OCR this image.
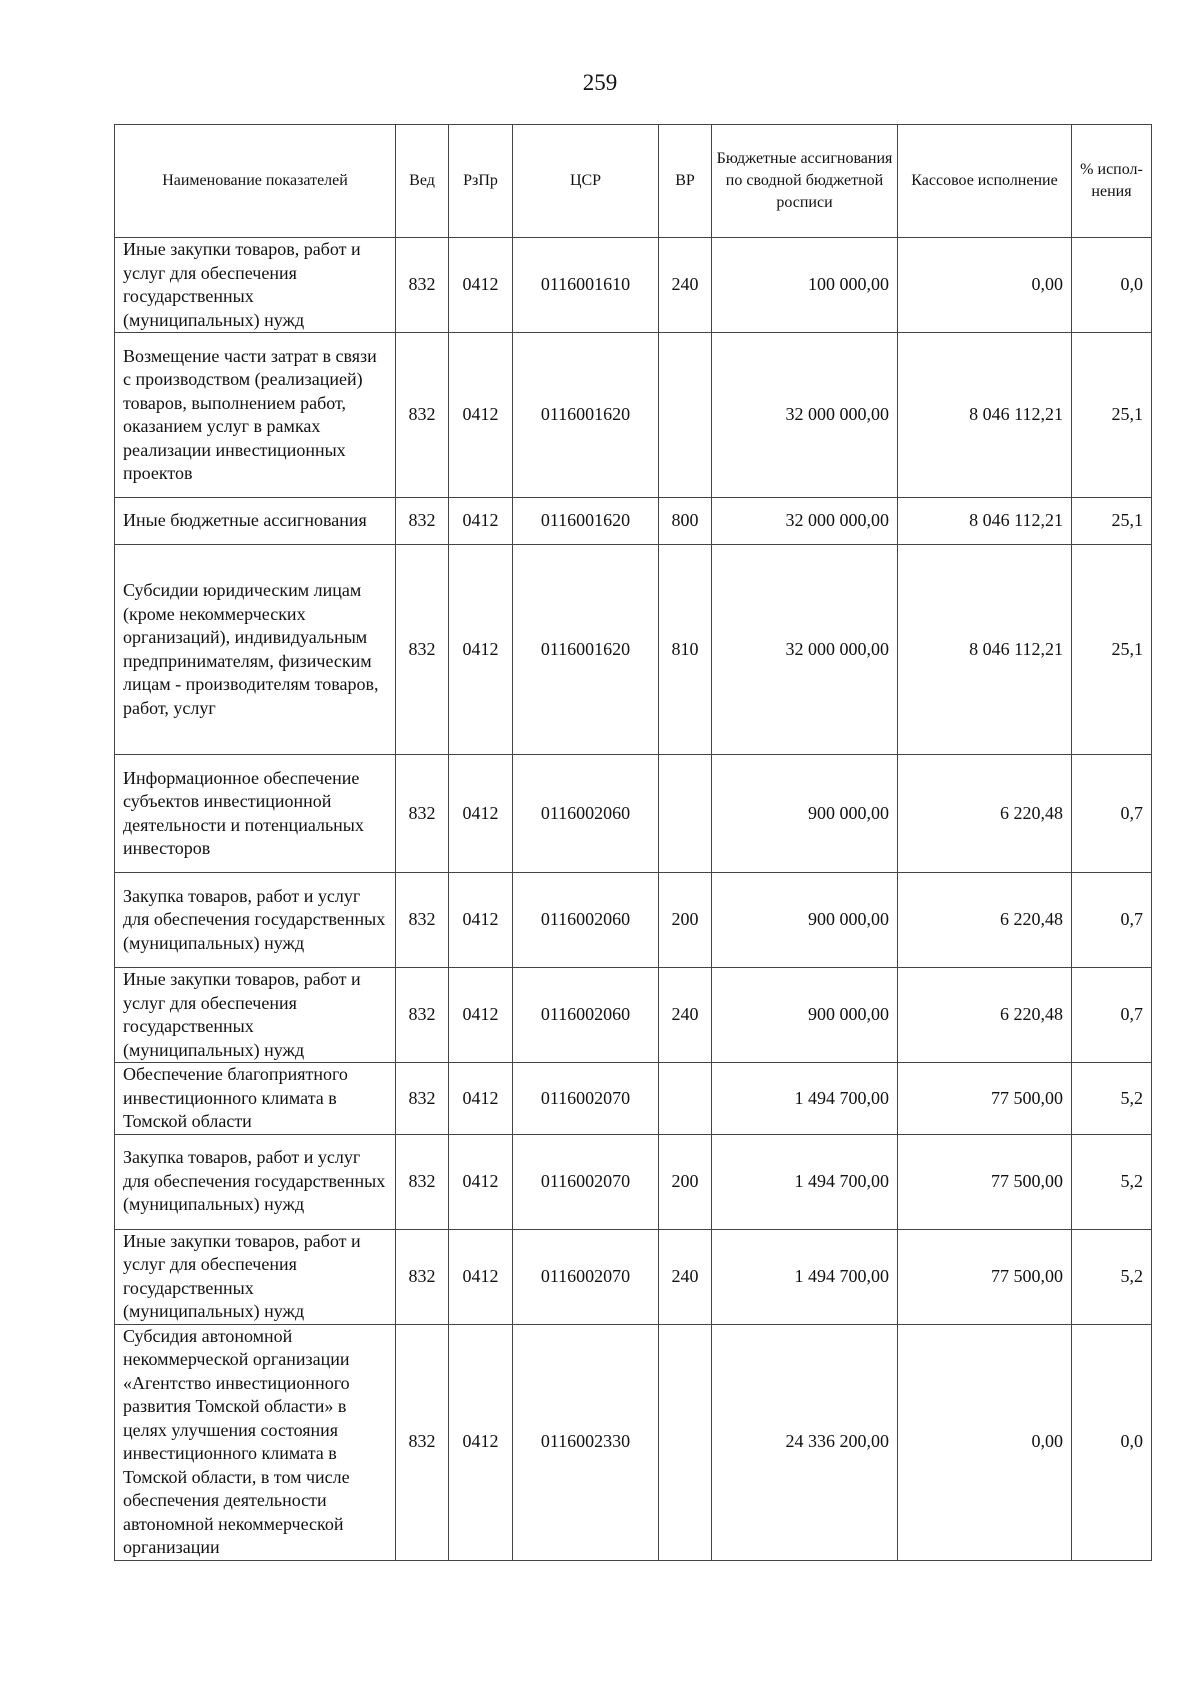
259
Наименование показателей	Вед	РзПр	ЦСР	ВР	Бюджетные ассигнования по сводной бюджетной росписи	Кассовое исполнение	% испол-нения
Иные закупки товаров, работ и услуг для обеспечения государственных (муниципальных) нужд	832	0412	0116001610	240	100 000,00	0,00	0,0
Возмещение части затрат в связи с производством (реализацией) товаров, выполнением работ, оказанием услуг в рамках реализации инвестиционных проектов	832	0412	0116001620		32 000 000,00	8 046 112,21	25,1
Иные бюджетные ассигнования	832	0412	0116001620	800	32 000 000,00	8 046 112,21	25,1
Субсидии юридическим лицам (кроме некоммерческих организаций), индивидуальным предпринимателям, физическим лицам - производителям товаров, работ, услуг	832	0412	0116001620	810	32 000 000,00	8 046 112,21	25,1
Информационное обеспечение субъектов инвестиционной деятельности и потенциальных инвесторов	832	0412	0116002060		900 000,00	6 220,48	0,7
Закупка товаров, работ и услуг для обеспечения государственных (муниципальных) нужд	832	0412	0116002060	200	900 000,00	6 220,48	0,7
Иные закупки товаров, работ и услуг для обеспечения государственных (муниципальных) нужд	832	0412	0116002060	240	900 000,00	6 220,48	0,7
Обеспечение благоприятного инвестиционного климата в Томской области	832	0412	0116002070		1 494 700,00	77 500,00	5,2
Закупка товаров, работ и услуг для обеспечения государственных (муниципальных) нужд	832	0412	0116002070	200	1 494 700,00	77 500,00	5,2
Иные закупки товаров, работ и услуг для обеспечения государственных (муниципальных) нужд	832	0412	0116002070	240	1 494 700,00	77 500,00	5,2
Субсидия автономной некоммерческой организации «Агентство инвестиционного развития Томской области» в целях улучшения состояния инвестиционного климата в Томской области, в том числе обеспечения деятельности автономной некоммерческой организации	832	0412	0116002330		24 336 200,00	0,00	0,0
